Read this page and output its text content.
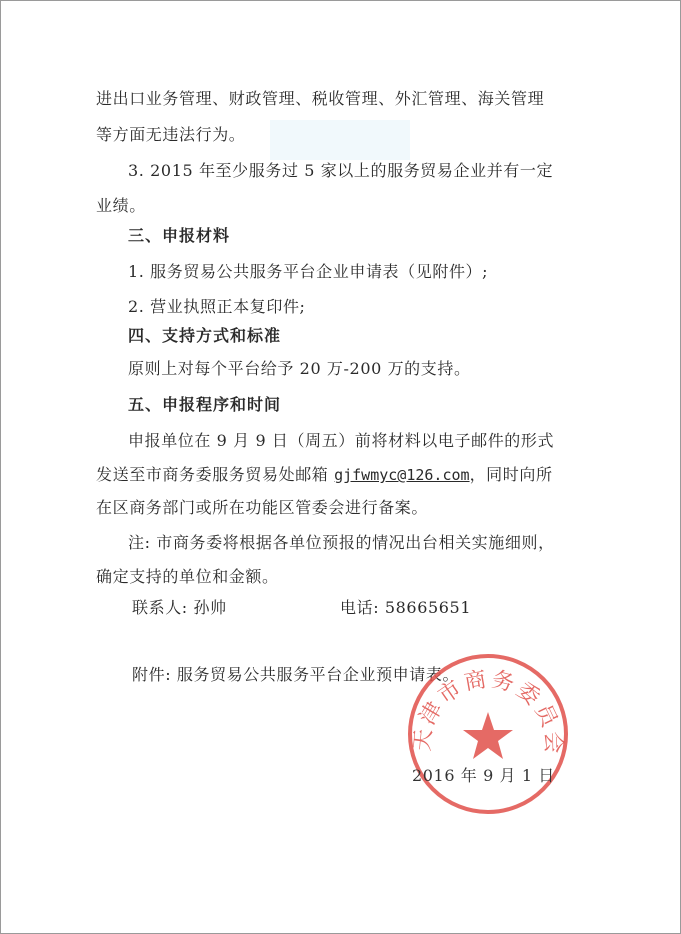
进出口业务管理、财政管理、税收管理、外汇管理、海关管理
等方面无违法行为。
3. 2015 年至少服务过 5 家以上的服务贸易企业并有一定
业绩。
三、申报材料
1. 服务贸易公共服务平台企业申请表（见附件）;
2. 营业执照正本复印件;
四、支持方式和标准
原则上对每个平台给予 20 万-200 万的支持。
五、申报程序和时间
申报单位在 9 月 9 日（周五）前将材料以电子邮件的形式
发送至市商务委服务贸易处邮箱 gjfwmyc@126.com，同时向所
在区商务部门或所在功能区管委会进行备案。
注: 市商务委将根据各单位预报的情况出台相关实施细则，
确定支持的单位和金额。
联系人: 孙帅	电话: 58665651
附件: 服务贸易公共服务平台企业预申请表。
天津市商务委员会
2016 年 9 月 1 日
